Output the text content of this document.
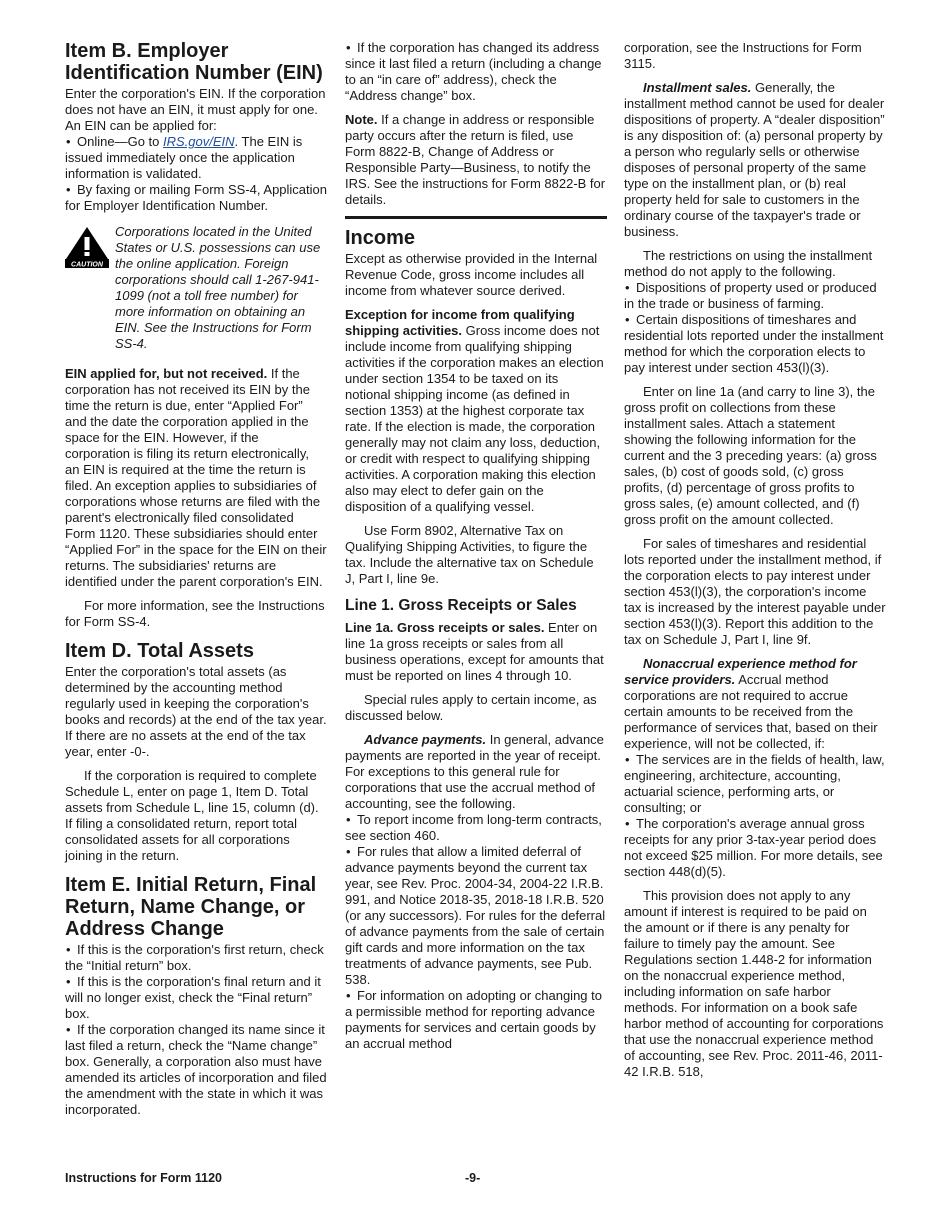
Item B. Employer Identification Number (EIN)

Enter the corporation's EIN. If the corporation does not have an EIN, it must apply for one. An EIN can be applied for:

• Online—Go to IRS.gov/EIN. The EIN is issued immediately once the application information is validated.
• By faxing or mailing Form SS-4, Application for Employer Identification Number.
CAUTION
Corporations located in the United States or U.S. possessions can use the online application. Foreign corporations should call 1-267-941-1099 (not a toll free number) for more information on obtaining an EIN. See the Instructions for Form SS-4.

EIN applied for, but not received. If the corporation has not received its EIN by the time the return is due, enter “Applied For” and the date the corporation applied in the space for the EIN. However, if the corporation is filing its return electronically, an EIN is required at the time the return is filed. An exception applies to subsidiaries of corporations whose returns are filed with the parent's electronically filed consolidated Form 1120. These subsidiaries should enter “Applied For” in the space for the EIN on their returns. The subsidiaries' returns are identified under the parent corporation's EIN.

For more information, see the Instructions for Form SS-4.

Item D. Total Assets

Enter the corporation's total assets (as determined by the accounting method regularly used in keeping the corporation's books and records) at the end of the tax year. If there are no assets at the end of the tax year, enter -0-.

If the corporation is required to complete Schedule L, enter on page 1, Item D. Total assets from Schedule L, line 15, column (d). If filing a consolidated return, report total consolidated assets for all corporations joining in the return.

Item E. Initial Return, Final Return, Name Change, or Address Change
• If this is the corporation's first return, check the “Initial return” box.
• If this is the corporation's final return and it will no longer exist, check the “Final return” box.
• If the corporation changed its name since it last filed a return, check the “Name change” box. Generally, a corporation also must have amended its articles of incorporation and filed the amendment with the state in which it was incorporated.
• If the corporation has changed its address since it last filed a return (including a change to an “in care of” address), check the “Address change” box.

Note. If a change in address or responsible party occurs after the return is filed, use Form 8822-B, Change of Address or Responsible Party—Business, to notify the IRS. See the instructions for Form 8822-B for details.

Income

Except as otherwise provided in the Internal Revenue Code, gross income includes all income from whatever source derived.

Exception for income from qualifying shipping activities. Gross income does not include income from qualifying shipping activities if the corporation makes an election under section 1354 to be taxed on its notional shipping income (as defined in section 1353) at the highest corporate tax rate. If the election is made, the corporation generally may not claim any loss, deduction, or credit with respect to qualifying shipping activities. A corporation making this election also may elect to defer gain on the disposition of a qualifying vessel.

Use Form 8902, Alternative Tax on Qualifying Shipping Activities, to figure the tax. Include the alternative tax on Schedule J, Part I, line 9e.

Line 1. Gross Receipts or Sales

Line 1a. Gross receipts or sales. Enter on line 1a gross receipts or sales from all business operations, except for amounts that must be reported on lines 4 through 10.

Special rules apply to certain income, as discussed below.

Advance payments. In general, advance payments are reported in the year of receipt. For exceptions to this general rule for corporations that use the accrual method of accounting, see the following.

• To report income from long-term contracts, see section 460.
• For rules that allow a limited deferral of advance payments beyond the current tax year, see Rev. Proc. 2004-34, 2004-22 I.R.B. 991, and Notice 2018-35, 2018-18 I.R.B. 520 (or any successors). For rules for the deferral of advance payments from the sale of certain gift cards and more information on the tax treatments of advance payments, see Pub. 538.
• For information on adopting or changing to a permissible method for reporting advance payments for services and certain goods by an accrual method

corporation, see the Instructions for Form 3115.

Installment sales. Generally, the installment method cannot be used for dealer dispositions of property. A “dealer disposition” is any disposition of: (a) personal property by a person who regularly sells or otherwise disposes of personal property of the same type on the installment plan, or (b) real property held for sale to customers in the ordinary course of the taxpayer's trade or business.

The restrictions on using the installment method do not apply to the following.

• Dispositions of property used or produced in the trade or business of farming.
• Certain dispositions of timeshares and residential lots reported under the installment method for which the corporation elects to pay interest under section 453(l)(3).

Enter on line 1a (and carry to line 3), the gross profit on collections from these installment sales. Attach a statement showing the following information for the current and the 3 preceding years: (a) gross sales, (b) cost of goods sold, (c) gross profits, (d) percentage of gross profits to gross sales, (e) amount collected, and (f) gross profit on the amount collected.

For sales of timeshares and residential lots reported under the installment method, if the corporation elects to pay interest under section 453(l)(3), the corporation's income tax is increased by the interest payable under section 453(l)(3). Report this addition to the tax on Schedule J, Part I, line 9f.

Nonaccrual experience method for service providers. Accrual method corporations are not required to accrue certain amounts to be received from the performance of services that, based on their experience, will not be collected, if:

• The services are in the fields of health, law, engineering, architecture, accounting, actuarial science, performing arts, or consulting; or
• The corporation's average annual gross receipts for any prior 3-tax-year period does not exceed $25 million. For more details, see section 448(d)(5).

This provision does not apply to any amount if interest is required to be paid on the amount or if there is any penalty for failure to timely pay the amount. See Regulations section 1.448-2 for information on the nonaccrual experience method, including information on safe harbor methods. For information on a book safe harbor method of accounting for corporations that use the nonaccrual experience method of accounting, see Rev. Proc. 2011-46, 2011-42 I.R.B. 518,

Instructions for Form 1120	-9-
